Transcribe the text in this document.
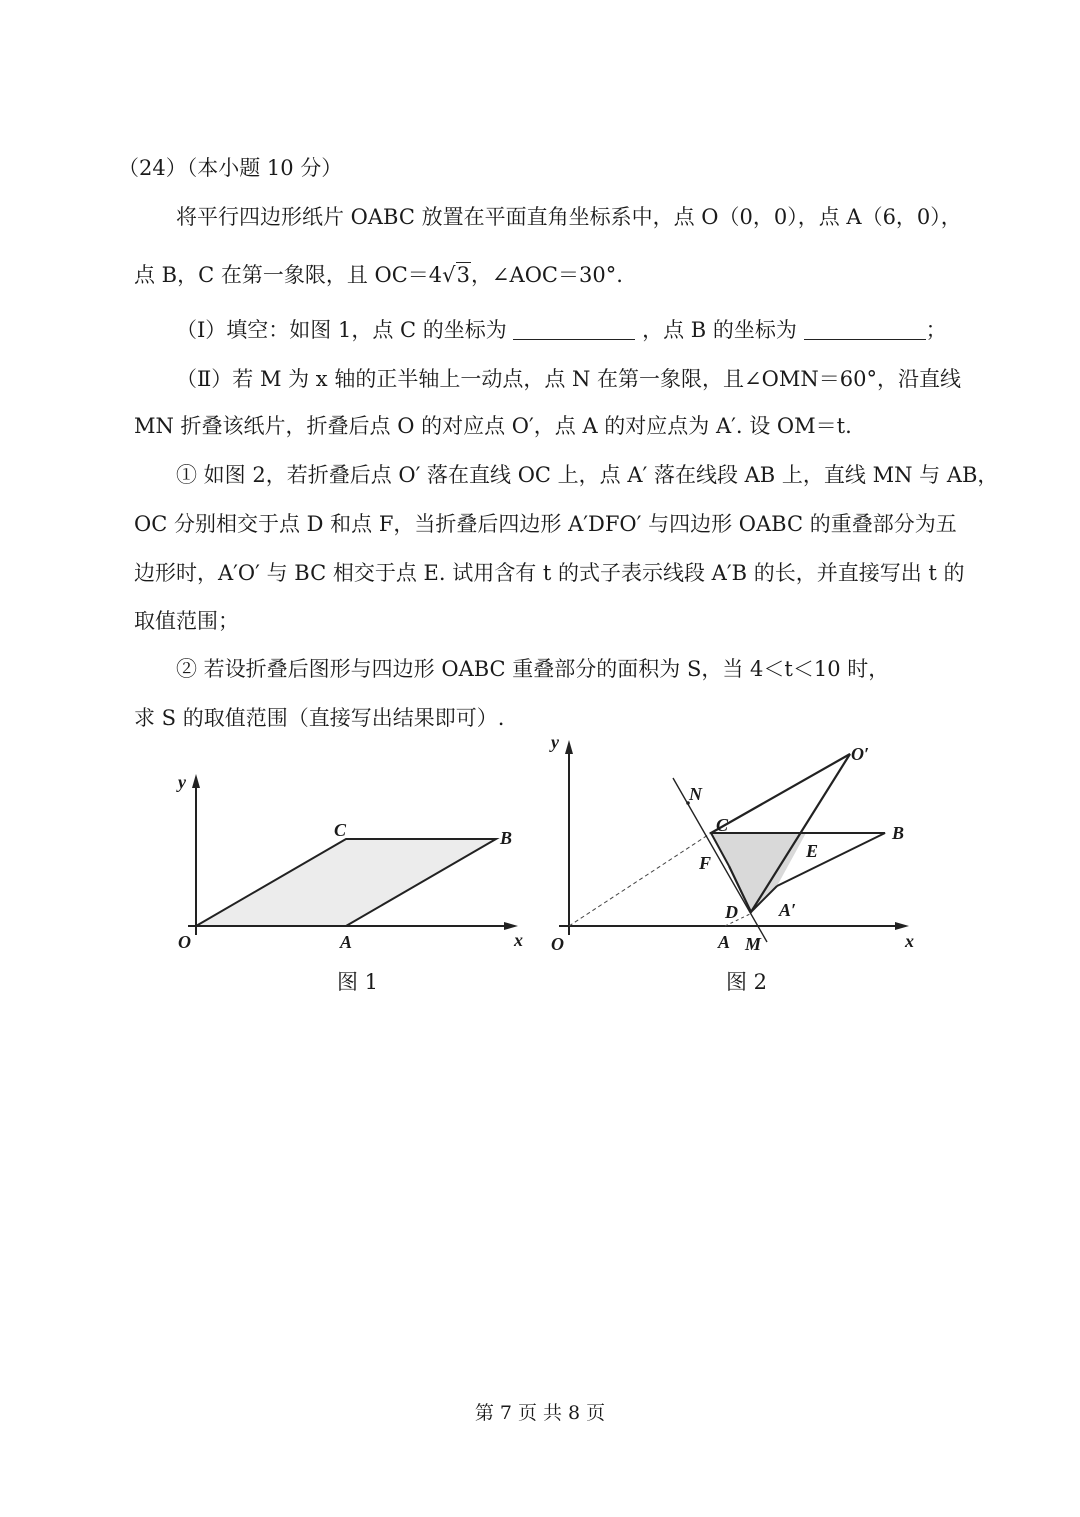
（24）（本小题 10 分）
将平行四边形纸片 OABC 放置在平面直角坐标系中，点 O（0，0），点 A（6，0），
点 B，C 在第一象限，且 OC＝4√3，∠AOC＝30°.
（Ⅰ）填空：如图 1，点 C 的坐标为	，点 B 的坐标为	；
（Ⅱ）若 M 为 x 轴的正半轴上一动点，点 N 在第一象限，且∠OMN＝60°，沿直线
MN 折叠该纸片，折叠后点 O 的对应点 O′，点 A 的对应点为 A′. 设 OM＝t.
① 如图 2，若折叠后点 O′ 落在直线 OC 上，点 A′ 落在线段 AB 上，直线 MN 与 AB，
OC 分别相交于点 D 和点 F，当折叠后四边形 A′DFO′ 与四边形 OABC 的重叠部分为五
边形时，A′O′ 与 BC 相交于点 E. 试用含有 t 的式子表示线段 A′B 的长，并直接写出 t 的
取值范围；
② 若设折叠后图形与四边形 OABC 重叠部分的面积为 S，当 4＜t＜10 时，
求 S 的取值范围（直接写出结果即可）.
y
x
O	A
B
C
图 1
y
x
O	A M
N
B
C
E
F
D A′
O′
图 2
第 7 页 共 8 页
